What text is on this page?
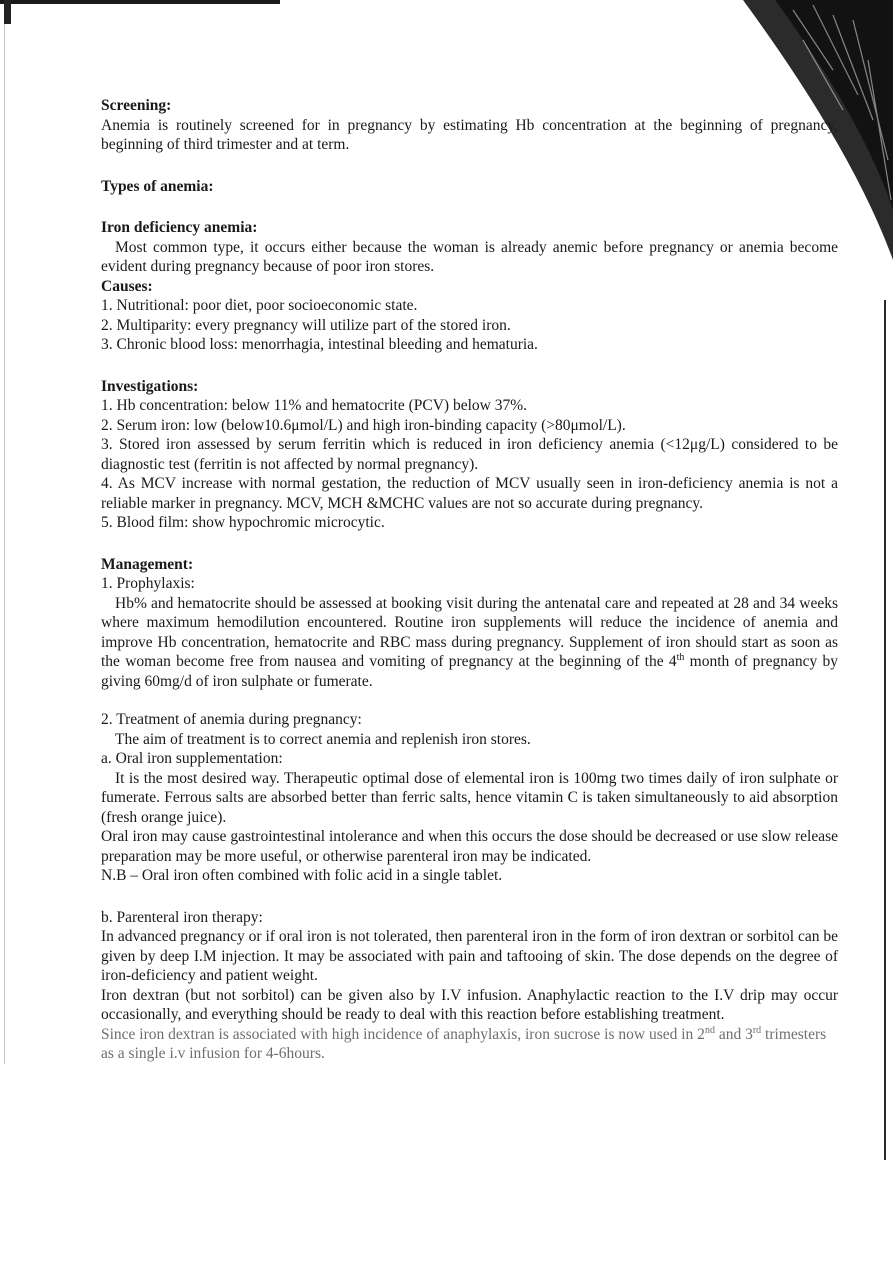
Screening:

Anemia is routinely screened for in pregnancy by estimating Hb concentration at the beginning of pregnancy, beginning of third trimester and at term.

Types of anemia:

Iron deficiency anemia:

Most common type, it occurs either because the woman is already anemic before pregnancy or anemia become evident during pregnancy because of poor iron stores.

Causes:

1. Nutritional: poor diet, poor socioeconomic state.

2. Multiparity: every pregnancy will utilize part of the stored iron.

3. Chronic blood loss: menorrhagia, intestinal bleeding and hematuria.

Investigations:

1. Hb concentration: below 11% and hematocrite (PCV) below 37%.

2. Serum iron: low (below10.6μmol/L) and high iron-binding capacity (>80μmol/L).

3. Stored iron assessed by serum ferritin which is reduced in iron deficiency anemia (<12μg/L) considered to be diagnostic test (ferritin is not affected by normal pregnancy).

4. As MCV increase with normal gestation, the reduction of MCV usually seen in iron-deficiency anemia is not a reliable marker in pregnancy. MCV, MCH &MCHC values are not so accurate during pregnancy.

5. Blood film: show hypochromic microcytic.

Management:

1. Prophylaxis:

Hb% and hematocrite should be assessed at booking visit during the antenatal care and repeated at 28 and 34 weeks where maximum hemodilution encountered. Routine iron supplements will reduce the incidence of anemia and improve Hb concentration, hematocrite and RBC mass during pregnancy. Supplement of iron should start as soon as the woman become free from nausea and vomiting of pregnancy at the beginning of the 4th month of pregnancy by giving 60mg/d of iron sulphate or fumerate.

2. Treatment of anemia during pregnancy:

The aim of treatment is to correct anemia and replenish iron stores.

a. Oral iron supplementation:

It is the most desired way. Therapeutic optimal dose of elemental iron is 100mg two times daily of iron sulphate or fumerate. Ferrous salts are absorbed better than ferric salts, hence vitamin C is taken simultaneously to aid absorption (fresh orange juice).

Oral iron may cause gastrointestinal intolerance and when this occurs the dose should be decreased or use slow release preparation may be more useful, or otherwise parenteral iron may be indicated.

N.B – Oral iron often combined with folic acid in a single tablet.

b. Parenteral iron therapy:

In advanced pregnancy or if oral iron is not tolerated, then parenteral iron in the form of iron dextran or sorbitol can be given by deep I.M injection. It may be associated with pain and taftooing of skin. The dose depends on the degree of iron-deficiency and patient weight.

Iron dextran (but not sorbitol) can be given also by I.V infusion. Anaphylactic reaction to the I.V drip may occur occasionally, and everything should be ready to deal with this reaction before establishing treatment.

Since iron dextran is associated with high incidence of anaphylaxis, iron sucrose is now used in 2nd and 3rd trimesters as a single i.v infusion for 4-6hours.
